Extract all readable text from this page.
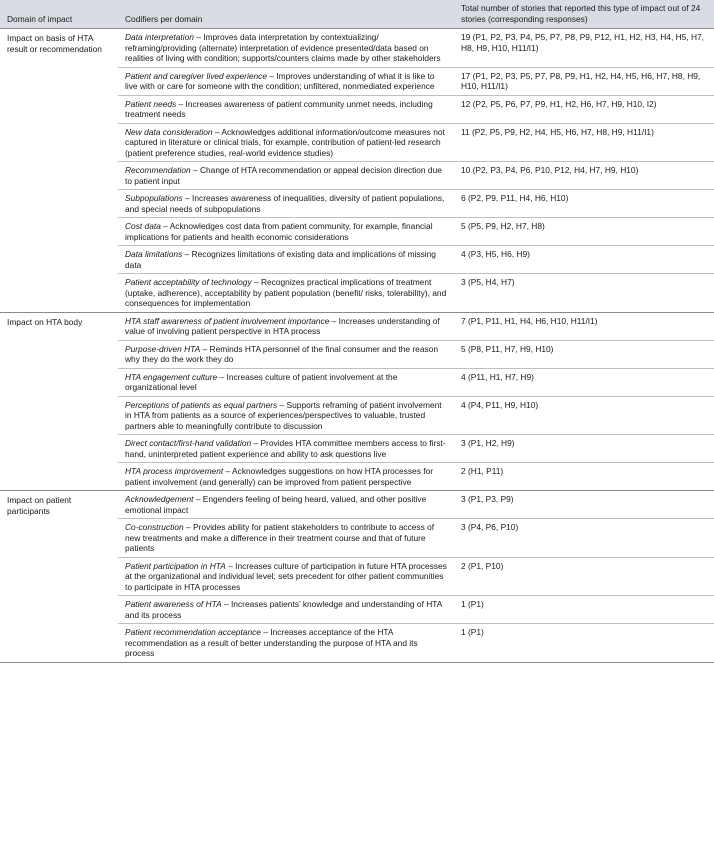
Domain of impact	Codifiers per domain	Total number of stories that reported this type of impact out of 24 stories (corresponding responses)
Impact on basis of HTA result or recommendation	Data interpretation – Improves data interpretation by contextualizing/ reframing/providing (alternate) interpretation of evidence presented/data based on realities of living with condition; supports/counters claims made by other stakeholders	19 (P1, P2, P3, P4, P5, P7, P8, P9, P12, H1, H2, H3, H4, H5, H7, H8, H9, H10, H11/I1)
	Patient and caregiver lived experience – Improves understanding of what it is like to live with or care for someone with the condition; unfiltered, nonmediated experience	17 (P1, P2, P3, P5, P7, P8, P9, H1, H2, H4, H5, H6, H7, H8, H9, H10, H11/I1)
	Patient needs – Increases awareness of patient community unmet needs, including treatment needs	12 (P2, P5, P6, P7, P9, H1, H2, H6, H7, H9, H10, I2)
	New data consideration – Acknowledges additional information/outcome measures not captured in literature or clinical trials, for example, contribution of patient-led research (patient preference studies, real-world evidence studies)	11 (P2, P5, P9, H2, H4, H5, H6, H7, H8, H9, H11/I1)
	Recommendation – Change of HTA recommendation or appeal decision direction due to patient input	10 (P2, P3, P4, P6, P10, P12, H4, H7, H9, H10)
	Subpopulations – Increases awareness of inequalities, diversity of patient populations, and special needs of subpopulations	6 (P2, P9, P11, H4, H6, H10)
	Cost data – Acknowledges cost data from patient community, for example, financial implications for patients and health economic considerations	5 (P5, P9, H2, H7, H8)
	Data limitations – Recognizes limitations of existing data and implications of missing data	4 (P3, H5, H6, H9)
	Patient acceptability of technology – Recognizes practical implications of treatment (uptake, adherence), acceptability by patient population (benefit/ risks, tolerability), and consequences for implementation	3 (P5, H4, H7)
Impact on HTA body	HTA staff awareness of patient involvement importance – Increases understanding of value of involving patient perspective in HTA process	7 (P1, P11, H1, H4, H6, H10, H11/I1)
	Purpose-driven HTA – Reminds HTA personnel of the final consumer and the reason why they do the work they do	5 (P8, P11, H7, H9, H10)
	HTA engagement culture – Increases culture of patient involvement at the organizational level	4 (P11, H1, H7, H9)
	Perceptions of patients as equal partners – Supports reframing of patient involvement in HTA from patients as a source of experiences/perspectives to valuable, trusted partners able to meaningfully contribute to discussion	4 (P4, P11, H9, H10)
	Direct contact/first-hand validation – Provides HTA committee members access to first-hand, uninterpreted patient experience and ability to ask questions live	3 (P1, H2, H9)
	HTA process improvement – Acknowledges suggestions on how HTA processes for patient involvement (and generally) can be improved from patient perspective	2 (H1, P11)
Impact on patient participants	Acknowledgement – Engenders feeling of being heard, valued, and other positive emotional impact	3 (P1, P3, P9)
	Co-construction – Provides ability for patient stakeholders to contribute to access of new treatments and make a difference in their treatment course and that of future patients	3 (P4, P6, P10)
	Patient participation in HTA – Increases culture of participation in future HTA processes at the organizational and individual level; sets precedent for other patient communities to participate in HTA processes	2 (P1, P10)
	Patient awareness of HTA – Increases patients’ knowledge and understanding of HTA and its process	1 (P1)
	Patient recommendation acceptance – Increases acceptance of the HTA recommendation as a result of better understanding the purpose of HTA and its process	1 (P1)
